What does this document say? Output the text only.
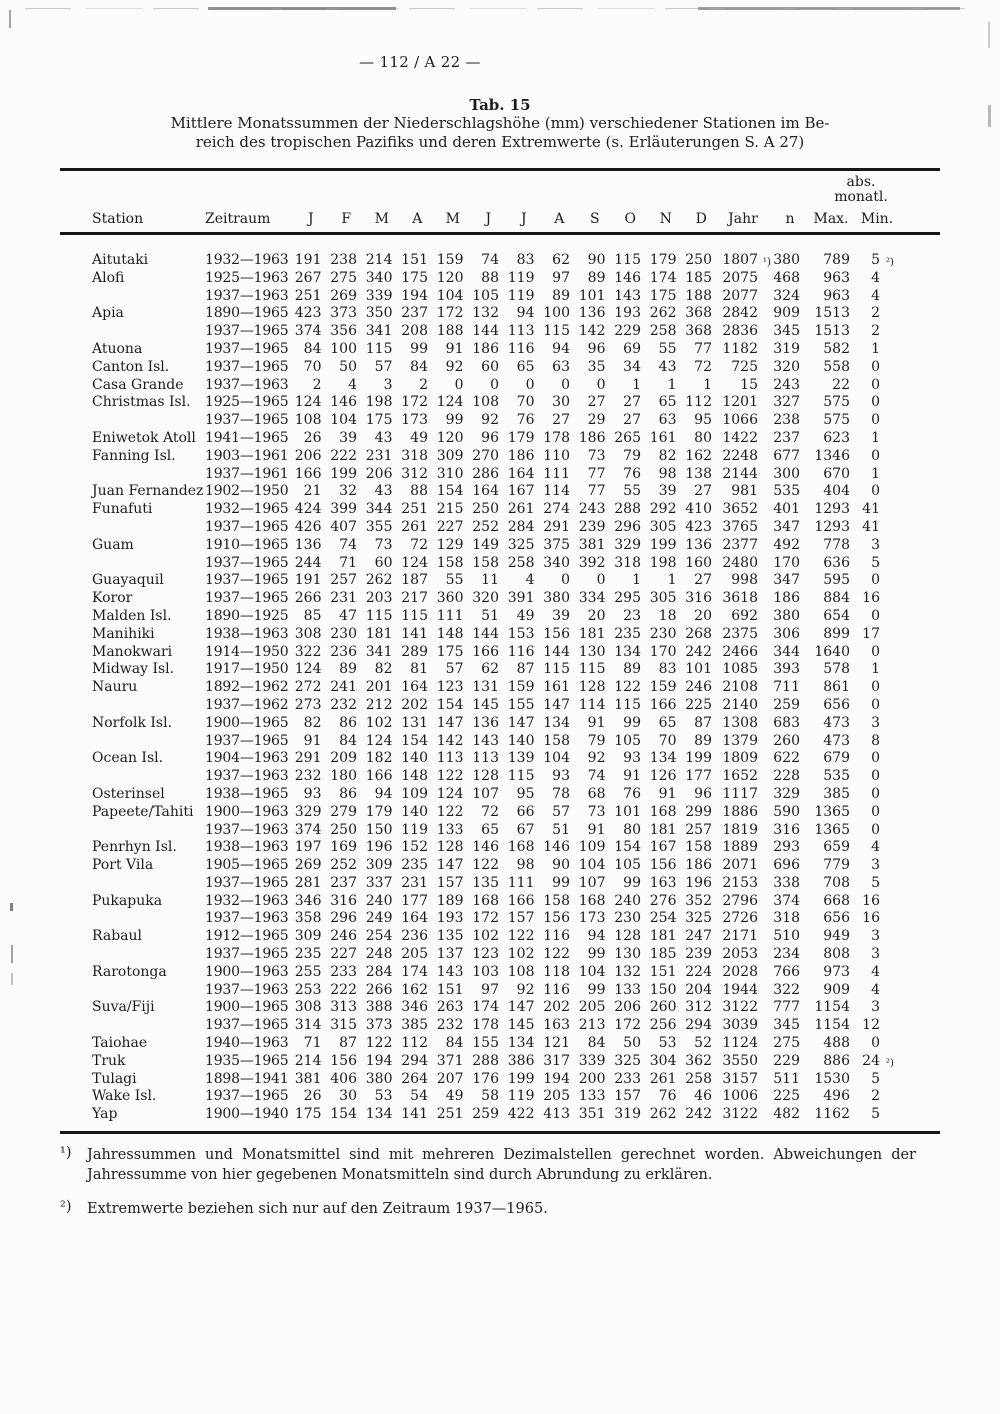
— 112 / A 22 —
Tab. 15
Mittlere Monatssummen der Niederschlagshöhe (mm) verschiedener Stationen im Be-
reich des tropischen Pazifiks und deren Extremwerte (s. Erläuterungen S. A 27)

																abs.
monatl.		

Station	Zeitraum	J	F	M	A	M	J	J	A	S	O	N	D	Jahr	n	Max.	Min.	
Aitutaki	1932—1963	191	238	214	151	159	74	83	62	90	115	179	250	1807 ¹)	380	789	5 ²)	

Alofi	1925—1963	267	275	340	175	120	88	119	97	89	146	174	185	2075	468	963	4	
	1937—1963	251	269	339	194	104	105	119	89	101	143	175	188	2077	324	963	4	
Apia	1890—1965	423	373	350	237	172	132	94	100	136	193	262	368	2842	909	1513	2	
	1937—1965	374	356	341	208	188	144	113	115	142	229	258	368	2836	345	1513	2	
Atuona	1937—1965	84	100	115	99	91	186	116	94	96	69	55	77	1182	319	582	1	
Canton Isl.	1937—1965	70	50	57	84	92	60	65	63	35	34	43	72	725	320	558	0	
Casa Grande	1937—1963	2	4	3	2	0	0	0	0	0	1	1	1	15	243	22	0	
Christmas Isl.	1925—1965	124	146	198	172	124	108	70	30	27	27	65	112	1201	327	575	0	
	1937—1965	108	104	175	173	99	92	76	27	29	27	63	95	1066	238	575	0	
Eniwetok Atoll	1941—1965	26	39	43	49	120	96	179	178	186	265	161	80	1422	237	623	1	
Fanning Isl.	1903—1961	206	222	231	318	309	270	186	110	73	79	82	162	2248	677	1346	0	
	1937—1961	166	199	206	312	310	286	164	111	77	76	98	138	2144	300	670	1	
Juan Fernandez	1902—1950	21	32	43	88	154	164	167	114	77	55	39	27	981	535	404	0	
Funafuti	1932—1965	424	399	344	251	215	250	261	274	243	288	292	410	3652	401	1293	41	
	1937—1965	426	407	355	261	227	252	284	291	239	296	305	423	3765	347	1293	41	
Guam	1910—1965	136	74	73	72	129	149	325	375	381	329	199	136	2377	492	778	3	
	1937—1965	244	71	60	124	158	158	258	340	392	318	198	160	2480	170	636	5	
Guayaquil	1937—1965	191	257	262	187	55	11	4	0	0	1	1	27	998	347	595	0	
Koror	1937—1965	266	231	203	217	360	320	391	380	334	295	305	316	3618	186	884	16	
Malden Isl.	1890—1925	85	47	115	115	111	51	49	39	20	23	18	20	692	380	654	0	
Manihiki	1938—1963	308	230	181	141	148	144	153	156	181	235	230	268	2375	306	899	17	
Manokwari	1914—1950	322	236	341	289	175	166	116	144	130	134	170	242	2466	344	1640	0	
Midway Isl.	1917—1950	124	89	82	81	57	62	87	115	115	89	83	101	1085	393	578	1	
Nauru	1892—1962	272	241	201	164	123	131	159	161	128	122	159	246	2108	711	861	0	
	1937—1962	273	232	212	202	154	145	155	147	114	115	166	225	2140	259	656	0	
Norfolk Isl.	1900—1965	82	86	102	131	147	136	147	134	91	99	65	87	1308	683	473	3	
	1937—1965	91	84	124	154	142	143	140	158	79	105	70	89	1379	260	473	8	
Ocean Isl.	1904—1963	291	209	182	140	113	113	139	104	92	93	134	199	1809	622	679	0	
	1937—1963	232	180	166	148	122	128	115	93	74	91	126	177	1652	228	535	0	
Osterinsel	1938—1965	93	86	94	109	124	107	95	78	68	76	91	96	1117	329	385	0	
Papeete/Tahiti	1900—1963	329	279	179	140	122	72	66	57	73	101	168	299	1886	590	1365	0	
	1937—1963	374	250	150	119	133	65	67	51	91	80	181	257	1819	316	1365	0	
Penrhyn Isl.	1938—1963	197	169	196	152	128	146	168	146	109	154	167	158	1889	293	659	4	
Port Vila	1905—1965	269	252	309	235	147	122	98	90	104	105	156	186	2071	696	779	3	
	1937—1965	281	237	337	231	157	135	111	99	107	99	163	196	2153	338	708	5	
Pukapuka	1932—1963	346	316	240	177	189	168	166	158	168	240	276	352	2796	374	668	16	
	1937—1963	358	296	249	164	193	172	157	156	173	230	254	325	2726	318	656	16	
Rabaul	1912—1965	309	246	254	236	135	102	122	116	94	128	181	247	2171	510	949	3	
	1937—1965	235	227	248	205	137	123	102	122	99	130	185	239	2053	234	808	3	
Rarotonga	1900—1963	255	233	284	174	143	103	108	118	104	132	151	224	2028	766	973	4	
	1937—1963	253	222	266	162	151	97	92	116	99	133	150	204	1944	322	909	4	
Suva/Fiji	1900—1965	308	313	388	346	263	174	147	202	205	206	260	312	3122	777	1154	3	
	1937—1965	314	315	373	385	232	178	145	163	213	172	256	294	3039	345	1154	12	
Taiohae	1940—1963	71	87	122	112	84	155	134	121	84	50	53	52	1124	275	488	0	
Truk	1935—1965	214	156	194	294	371	288	386	317	339	325	304	362	3550	229	886	24 ²)	

Tulagi	1898—1941	381	406	380	264	207	176	199	194	200	233	261	258	3157	511	1530	5	
Wake Isl.	1937—1965	26	30	53	54	49	58	119	205	133	157	76	46	1006	225	496	2	
Yap	1900—1940	175	154	134	141	251	259	422	413	351	319	262	242	3122	482	1162	5	
¹)	Jahressummen und Monatsmittel sind mit mehreren Dezimalstellen gerechnet worden. Abweichungen der
Jahressumme von hier gegebenen Monatsmitteln sind durch Abrundung zu erklären.
²)	Extremwerte beziehen sich nur auf den Zeitraum 1937—1965.
